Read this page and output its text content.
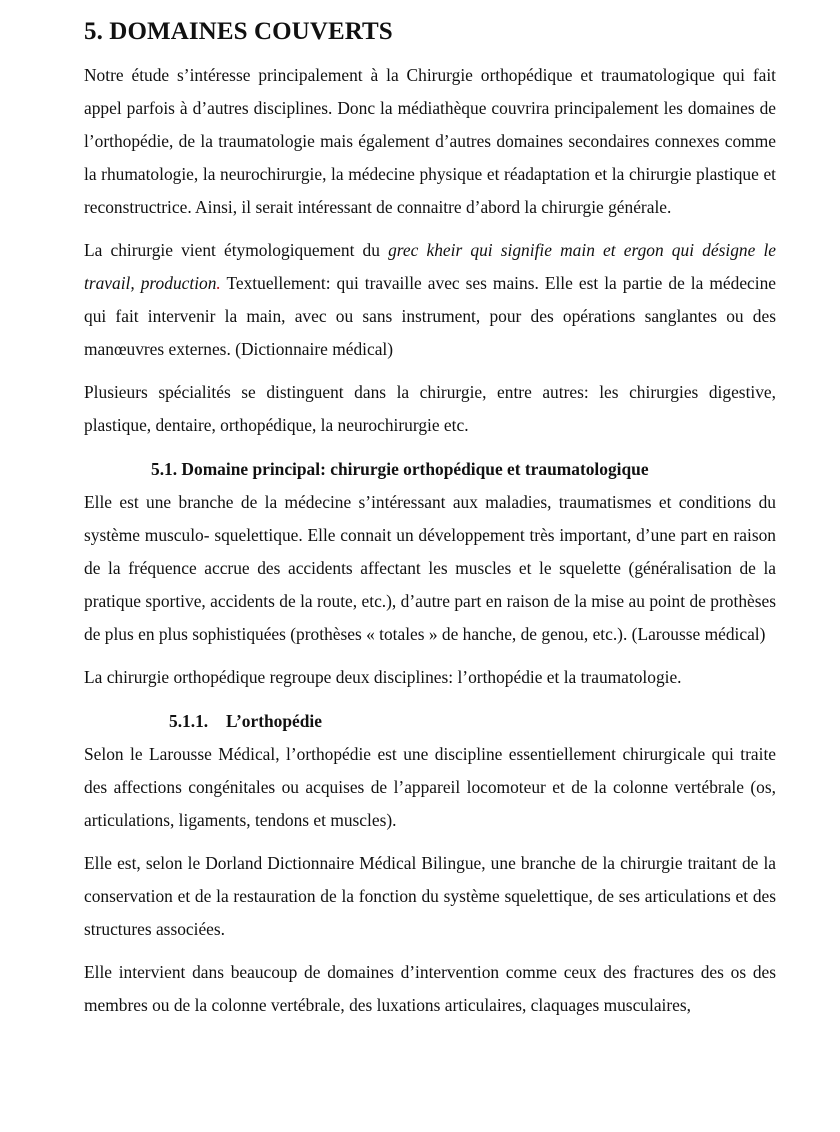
5. DOMAINES COUVERTS

Notre étude s’intéresse principalement à la Chirurgie orthopédique et traumatologique qui fait appel parfois à d’autres disciplines. Donc la médiathèque couvrira principalement les domaines de l’orthopédie, de la traumatologie mais également d’autres domaines secondaires connexes comme la rhumatologie, la neurochirurgie, la médecine physique et réadaptation et la chirurgie plastique et reconstructrice. Ainsi, il serait intéressant de connaitre d’abord la chirurgie générale.

La chirurgie vient étymologiquement du grec kheir qui signifie main et ergon qui désigne le travail, production. Textuellement: qui travaille avec ses mains. Elle est la partie de la médecine qui fait intervenir la main, avec ou sans instrument, pour des opérations sanglantes ou des manœuvres externes. (Dictionnaire médical)

Plusieurs spécialités se distinguent dans la chirurgie, entre autres: les chirurgies digestive, plastique, dentaire, orthopédique, la neurochirurgie etc.

5.1. Domaine principal: chirurgie orthopédique et traumatologique

Elle est une branche de la médecine s’intéressant aux maladies, traumatismes et conditions du système musculo- squelettique. Elle connait un développement très important, d’une part en raison de la fréquence accrue des accidents affectant les muscles et le squelette (généralisation de la pratique sportive, accidents de la route, etc.), d’autre part en raison de la mise au point de prothèses de plus en plus sophistiquées (prothèses « totales » de hanche, de genou, etc.). (Larousse médical)

La chirurgie orthopédique regroupe deux disciplines: l’orthopédie et la traumatologie.

5.1.1. L’orthopédie

Selon le Larousse Médical, l’orthopédie est une discipline essentiellement chirurgicale qui traite des affections congénitales ou acquises de l’appareil locomoteur et de la colonne vertébrale (os, articulations, ligaments, tendons et muscles).

Elle est, selon le Dorland Dictionnaire Médical Bilingue, une branche de la chirurgie traitant de la conservation et de la restauration de la fonction du système squelettique, de ses articulations et des structures associées.

Elle intervient dans beaucoup de domaines d’intervention comme ceux des fractures des os des membres ou de la colonne vertébrale, des luxations articulaires, claquages musculaires,
